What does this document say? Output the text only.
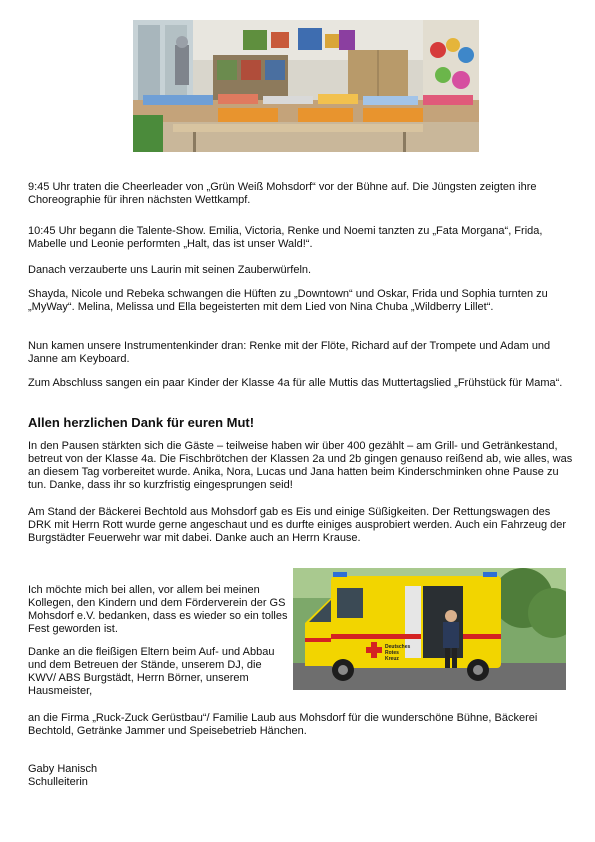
9:45 Uhr traten die Cheerleader von „Grün Weiß Mohsdorf“ vor der Bühne auf. Die Jüngsten zeigten ihre Choreographie für ihren nächsten Wettkampf.

10:45 Uhr begann die Talente-Show. Emilia, Victoria, Renke und Noemi tanzten zu „Fata Morgana“, Frida, Mabelle und Leonie performten „Halt, das ist unser Wald!“.

Danach verzauberte uns Laurin mit seinen Zauberwürfeln.

Shayda, Nicole und Rebeka schwangen die Hüften zu „Downtown“ und Oskar, Frida und Sophia turnten zu „MyWay“. Melina, Melissa und Ella begeisterten mit dem Lied von Nina Chuba „Wildberry Lillet“.

Nun kamen unsere Instrumentenkinder dran: Renke mit der Flöte, Richard auf der Trompete und Adam und Janne am Keyboard.

Zum Abschluss sangen ein paar Kinder der Klasse 4a für alle Muttis das Muttertagslied „Frühstück für Mama“.

Allen herzlichen Dank für euren Mut!

In den Pausen stärkten sich die Gäste – teilweise haben wir über 400 gezählt – am Grill- und Getränkestand, betreut von der Klasse 4a. Die Fischbrötchen der Klassen 2a und 2b gingen genauso reißend ab, wie alles, was an diesem Tag vorbereitet wurde. Anika, Nora, Lucas und Jana hatten beim Kinderschminken ohne Pause zu tun. Danke, dass ihr so kurzfristig eingesprungen seid!

Am Stand der Bäckerei Bechtold aus Mohsdorf gab es Eis und einige Süßigkeiten. Der Rettungswagen des DRK mit Herrn Rott wurde gerne angeschaut und es durfte einiges ausprobiert werden. Auch ein Fahrzeug der Burgstädter Feuerwehr war mit dabei. Danke auch an Herrn Krause.

Ich möchte mich bei allen, vor allem bei meinen Kollegen, den Kindern und dem Förderverein der GS Mohsdorf e.V. bedanken, dass es wieder so ein tolles Fest geworden ist.

Danke an die fleißigen Eltern beim Auf- und Abbau und dem Betreuen der Stände, unserem DJ, die KWV/ ABS Burgstädt, Herrn Börner, unserem Hausmeister,

an die Firma „Ruck-Zuck Gerüstbau“/ Familie Laub aus Mohsdorf für die wunderschöne Bühne, Bäckerei Bechtold, Getränke Jammer und Speisebetrieb Hänchen.

Deutsches
Rotes
Kreuz
Gaby Hanisch
Schulleiterin
